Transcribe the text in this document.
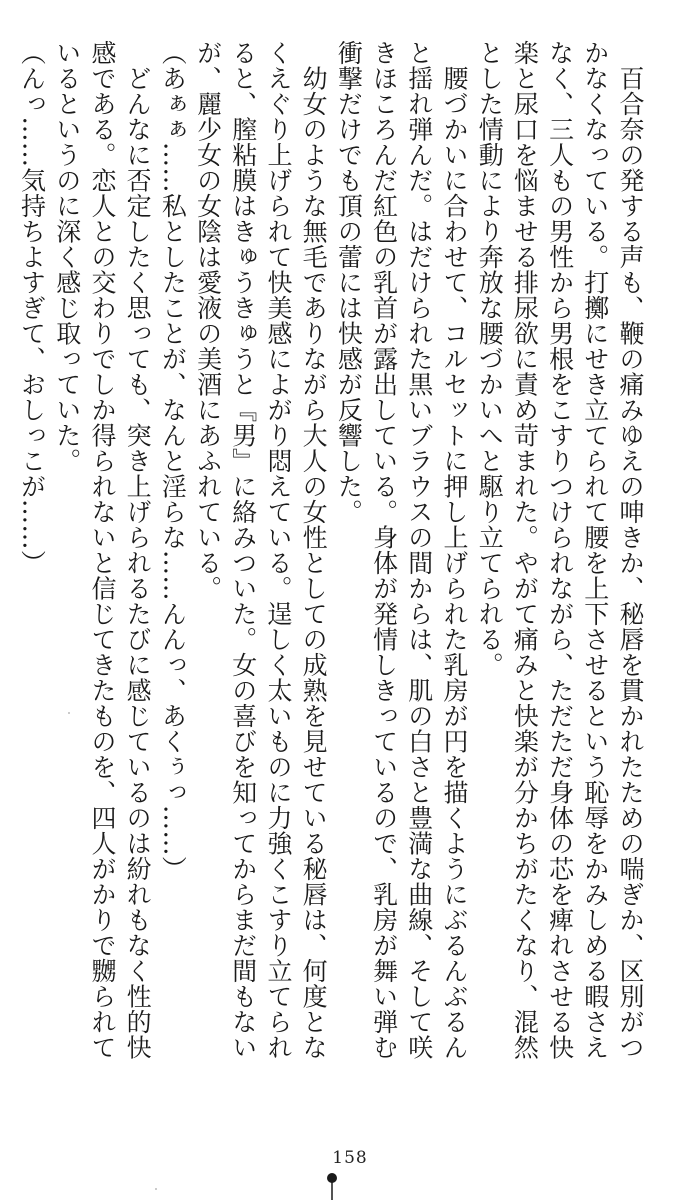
　百合奈の発する声も、鞭の痛みゆえの呻きか、秘唇を貫かれたための喘ぎか、区別がつ
かなくなっている。打擲にせき立てられて腰を上下させるという恥辱をかみしめる暇さえ
なく、三人もの男性から男根をこすりつけられながら、ただただ身体の芯を痺れさせる快
楽と尿口を悩ませる排尿欲に責め苛まれた。やがて痛みと快楽が分かちがたくなり、混然
とした情動により奔放な腰づかいへと駆り立てられる。
　腰づかいに合わせて、コルセットに押し上げられた乳房が円を描くようにぶるんぶるん
と揺れ弾んだ。はだけられた黒いブラウスの間からは、肌の白さと豊満な曲線、そして咲
きほころんだ紅色の乳首が露出している。身体が発情しきっているので、乳房が舞い弾む
衝撃だけでも頂の蕾には快感が反響した。
　幼女のような無毛でありながら大人の女性としての成熟を見せている秘唇は、何度とな
くえぐり上げられて快美感によがり悶えている。逞しく太いものに力強くこすり立てられ
ると、膣粘膜はきゅうきゅうと『男』に絡みついた。女の喜びを知ってからまだ間もない
が、麗少女の女陰は愛液の美酒にあふれている。
（あぁぁ……私としたことが、なんと淫らな……んんっ、あくぅっ……）
　どんなに否定したく思っても、突き上げられるたびに感じているのは紛れもなく性的快
感である。恋人との交わりでしか得られないと信じてきたものを、四人がかりで嬲られて
いるというのに深く感じ取っていた。
（んっ……気持ちよすぎて、おしっこが……）
158
